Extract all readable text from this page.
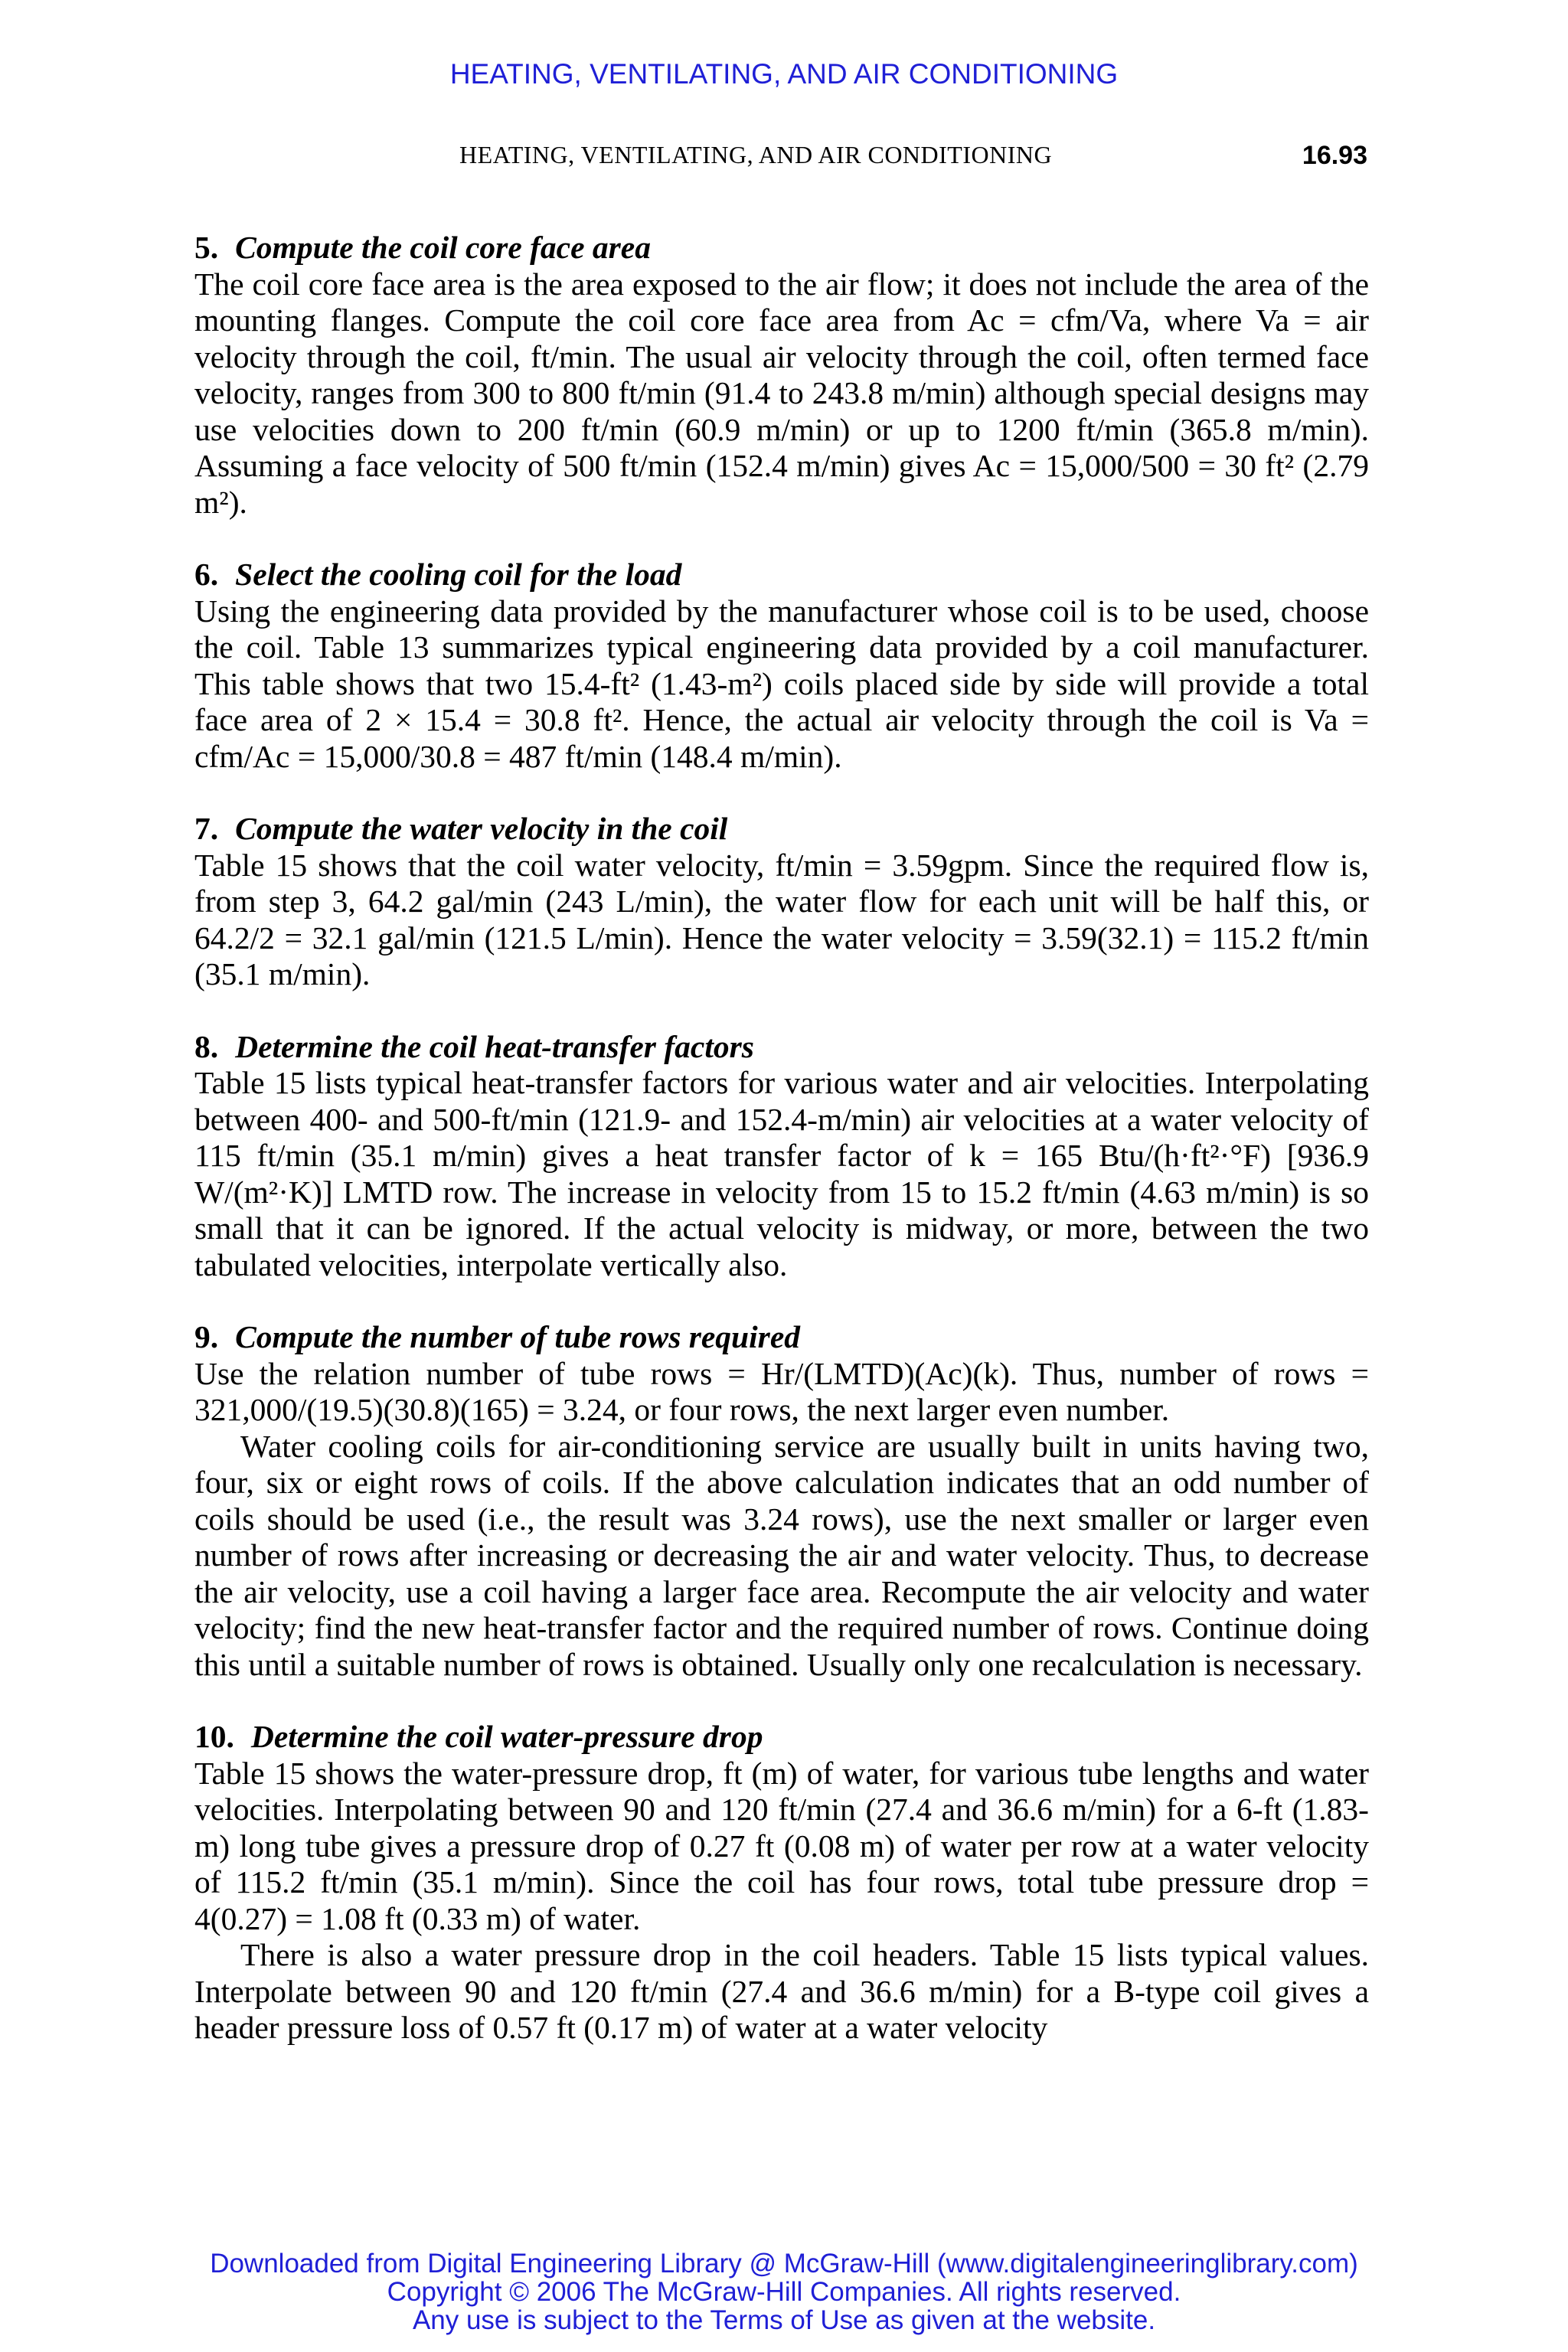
HEATING, VENTILATING, AND AIR CONDITIONING
HEATING, VENTILATING, AND AIR CONDITIONING	16.93
5. Compute the coil core face area

The coil core face area is the area exposed to the air flow; it does not include the area of the mounting flanges. Compute the coil core face area from Ac = cfm/Va, where Va = air velocity through the coil, ft/min. The usual air velocity through the coil, often termed face velocity, ranges from 300 to 800 ft/min (91.4 to 243.8 m/min) although special designs may use velocities down to 200 ft/min (60.9 m/min) or up to 1200 ft/min (365.8 m/min). Assuming a face velocity of 500 ft/min (152.4 m/min) gives Ac = 15,000/500 = 30 ft² (2.79 m²).

6. Select the cooling coil for the load

Using the engineering data provided by the manufacturer whose coil is to be used, choose the coil. Table 13 summarizes typical engineering data provided by a coil manufacturer. This table shows that two 15.4-ft² (1.43-m²) coils placed side by side will provide a total face area of 2 × 15.4 = 30.8 ft². Hence, the actual air velocity through the coil is Va = cfm/Ac = 15,000/30.8 = 487 ft/min (148.4 m/min).

7. Compute the water velocity in the coil

Table 15 shows that the coil water velocity, ft/min = 3.59gpm. Since the required flow is, from step 3, 64.2 gal/min (243 L/min), the water flow for each unit will be half this, or 64.2/2 = 32.1 gal/min (121.5 L/min). Hence the water velocity = 3.59(32.1) = 115.2 ft/min (35.1 m/min).

8. Determine the coil heat-transfer factors

Table 15 lists typical heat-transfer factors for various water and air velocities. Interpolating between 400- and 500-ft/min (121.9- and 152.4-m/min) air velocities at a water velocity of 115 ft/min (35.1 m/min) gives a heat transfer factor of k = 165 Btu/(h·ft²·°F) [936.9 W/(m²·K)] LMTD row. The increase in velocity from 15 to 15.2 ft/min (4.63 m/min) is so small that it can be ignored. If the actual velocity is midway, or more, between the two tabulated velocities, interpolate vertically also.

9. Compute the number of tube rows required

Use the relation number of tube rows = Hr/(LMTD)(Ac)(k). Thus, number of rows = 321,000/(19.5)(30.8)(165) = 3.24, or four rows, the next larger even number.

Water cooling coils for air-conditioning service are usually built in units having two, four, six or eight rows of coils. If the above calculation indicates that an odd number of coils should be used (i.e., the result was 3.24 rows), use the next smaller or larger even number of rows after increasing or decreasing the air and water velocity. Thus, to decrease the air velocity, use a coil having a larger face area. Recompute the air velocity and water velocity; find the new heat-transfer factor and the required number of rows. Continue doing this until a suitable number of rows is obtained. Usually only one recalculation is necessary.

10. Determine the coil water-pressure drop

Table 15 shows the water-pressure drop, ft (m) of water, for various tube lengths and water velocities. Interpolating between 90 and 120 ft/min (27.4 and 36.6 m/min) for a 6-ft (1.83-m) long tube gives a pressure drop of 0.27 ft (0.08 m) of water per row at a water velocity of 115.2 ft/min (35.1 m/min). Since the coil has four rows, total tube pressure drop = 4(0.27) = 1.08 ft (0.33 m) of water.

There is also a water pressure drop in the coil headers. Table 15 lists typical values. Interpolate between 90 and 120 ft/min (27.4 and 36.6 m/min) for a B-type coil gives a header pressure loss of 0.57 ft (0.17 m) of water at a water velocity

Downloaded from Digital Engineering Library @ McGraw-Hill (www.digitalengineeringlibrary.com)
Copyright © 2006 The McGraw-Hill Companies. All rights reserved.
Any use is subject to the Terms of Use as given at the website.
